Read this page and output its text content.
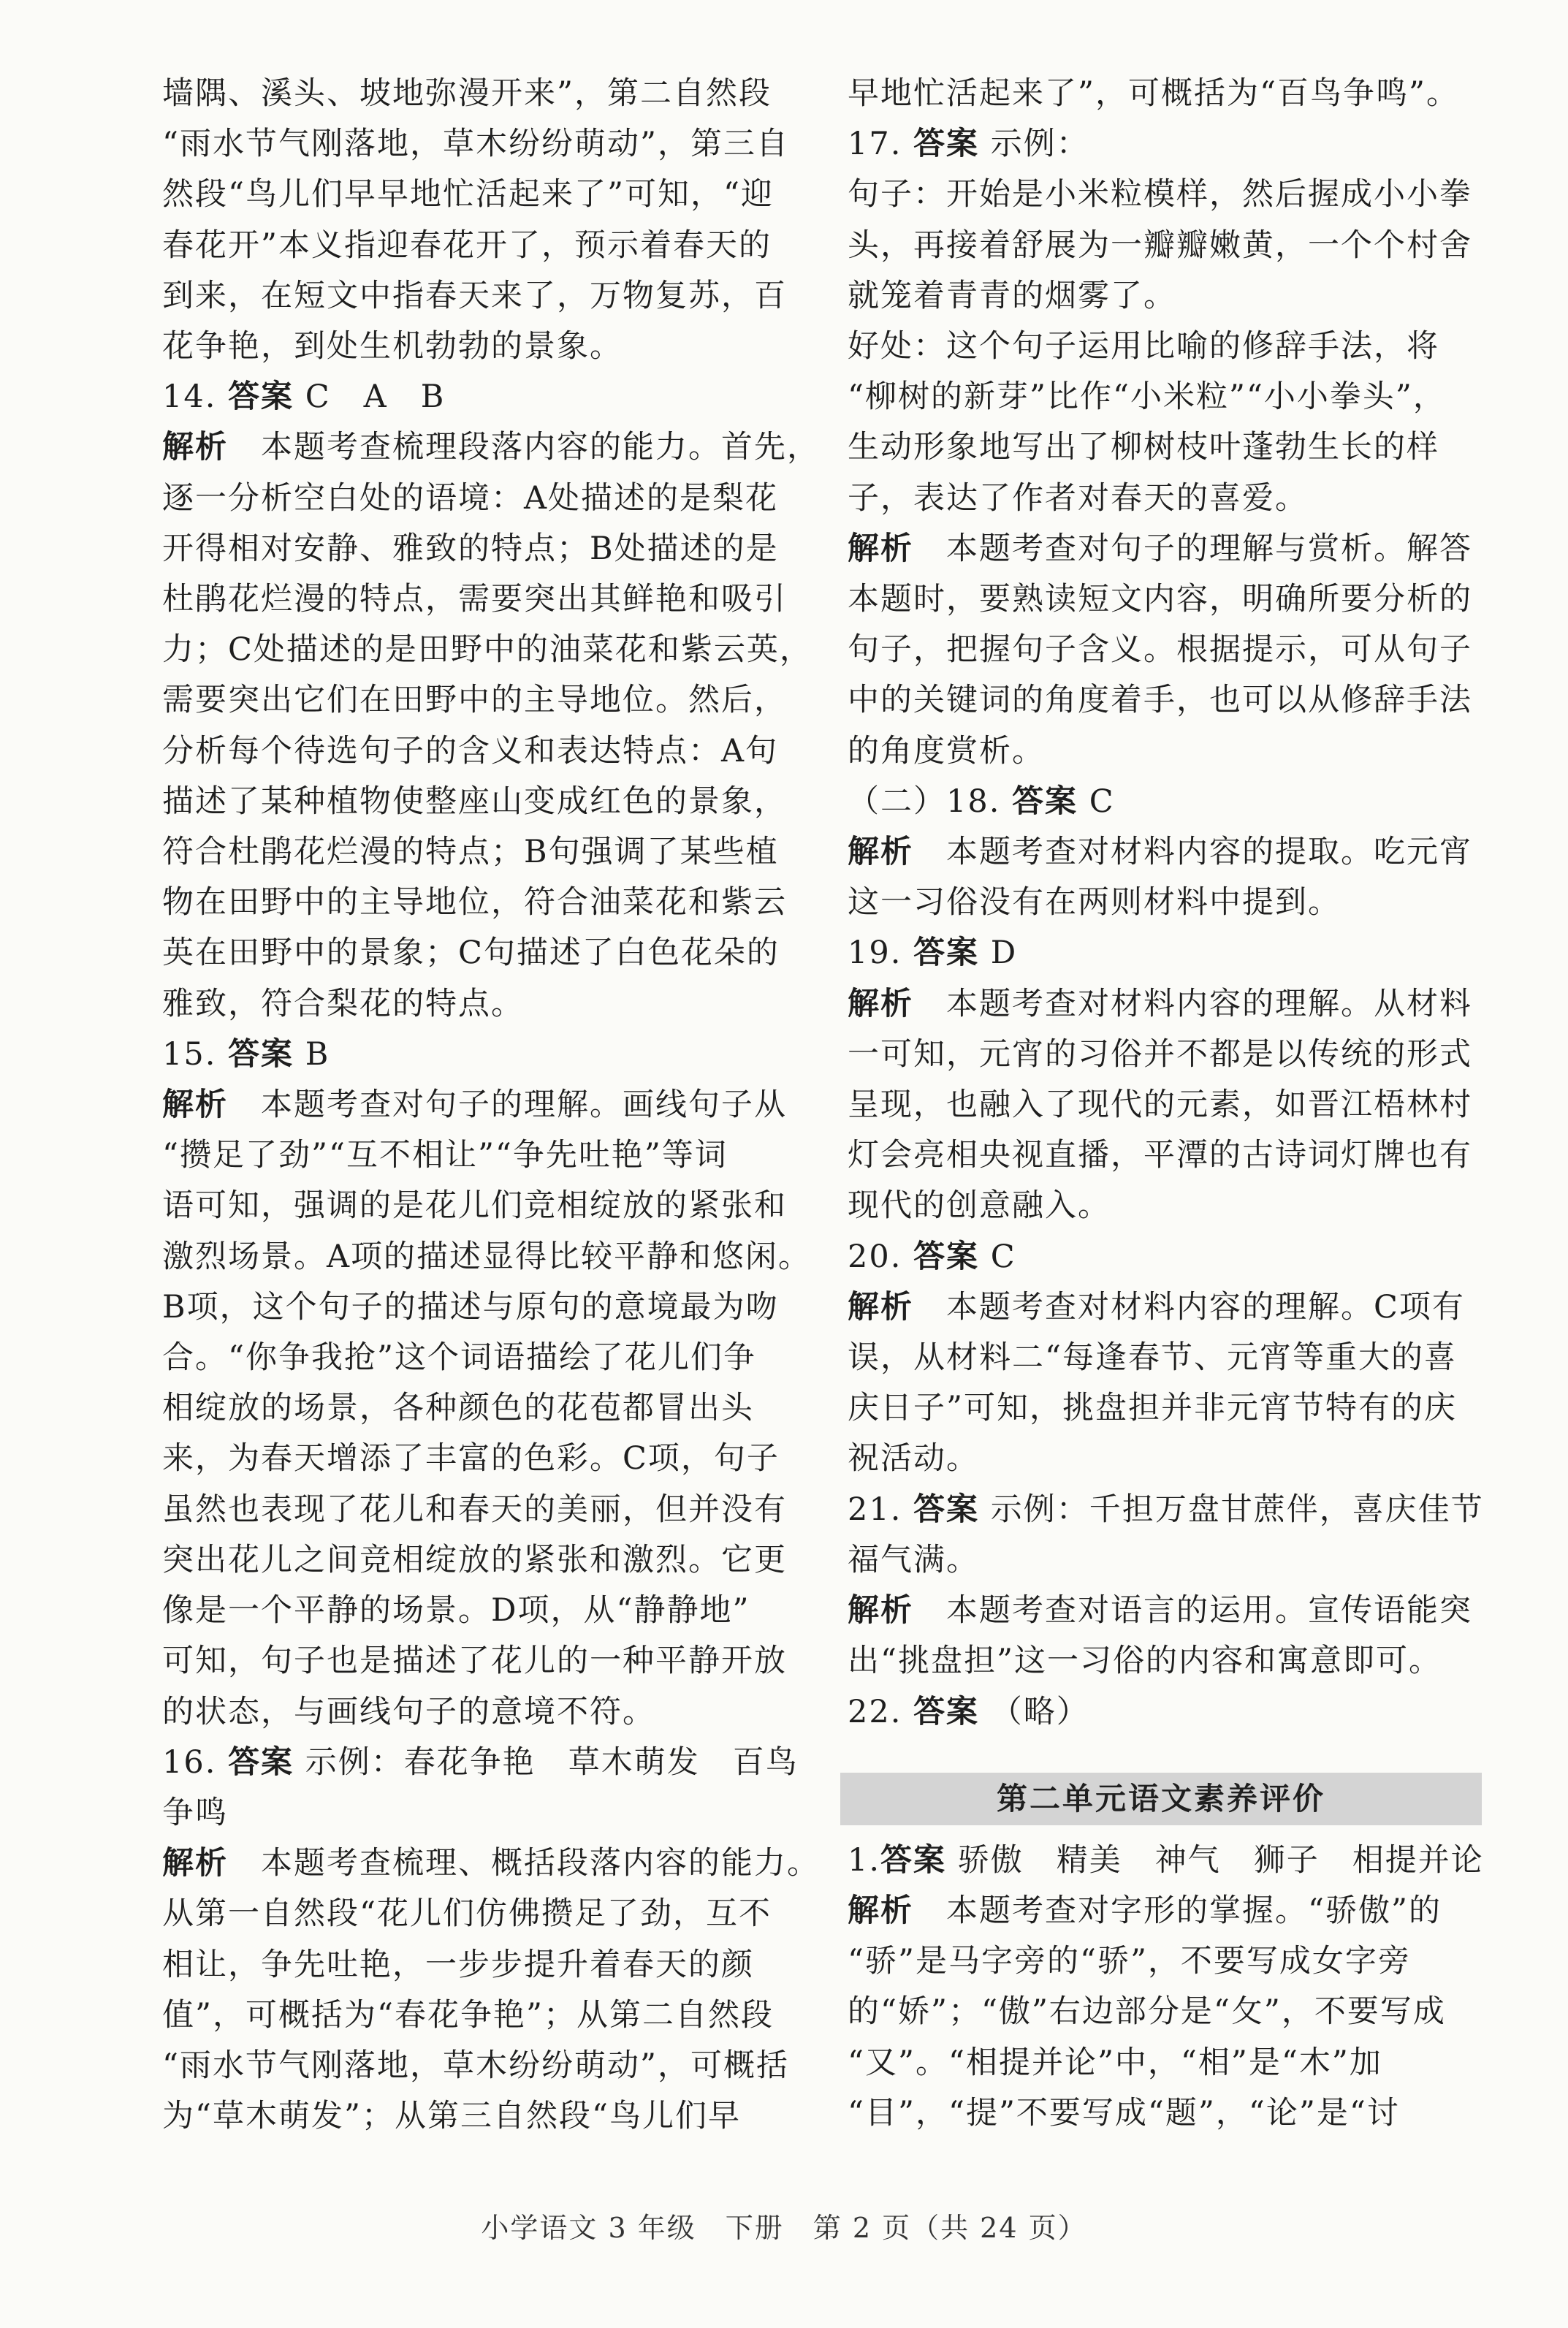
墙隅、溪头、坡地弥漫开来”，第二自然段
“雨水节气刚落地，草木纷纷萌动”，第三自
然段“鸟儿们早早地忙活起来了”可知，“迎
春花开”本义指迎春花开了，预示着春天的
到来，在短文中指春天来了，万物复苏，百
花争艳，到处生机勃勃的景象。
14. 答案 C　A　B
解析　 本题考查梳理段落内容的能力。首先，
逐一分析空白处的语境：A处描述的是梨花
开得相对安静、雅致的特点；B处描述的是
杜鹃花烂漫的特点，需要突出其鲜艳和吸引
力；C处描述的是田野中的油菜花和紫云英，
需要突出它们在田野中的主导地位。然后，
分析每个待选句子的含义和表达特点：A句
描述了某种植物使整座山变成红色的景象，
符合杜鹃花烂漫的特点；B句强调了某些植
物在田野中的主导地位，符合油菜花和紫云
英在田野中的景象；C句描述了白色花朵的
雅致，符合梨花的特点。
15. 答案 B
解析　 本题考查对句子的理解。画线句子从
“攒足了劲”“互不相让”“争先吐艳”等词
语可知，强调的是花儿们竞相绽放的紧张和
激烈场景。A项的描述显得比较平静和悠闲。
B项，这个句子的描述与原句的意境最为吻
合。“你争我抢”这个词语描绘了花儿们争
相绽放的场景，各种颜色的花苞都冒出头
来，为春天增添了丰富的色彩。C项，句子
虽然也表现了花儿和春天的美丽，但并没有
突出花儿之间竞相绽放的紧张和激烈。它更
像是一个平静的场景。D项，从“静静地”
可知，句子也是描述了花儿的一种平静开放
的状态，与画线句子的意境不符。
16. 答案 示例：春花争艳　草木萌发　百鸟
争鸣
解析　 本题考查梳理、概括段落内容的能力。
从第一自然段“花儿们仿佛攒足了劲，互不
相让，争先吐艳，一步步提升着春天的颜
值”，可概括为“春花争艳”；从第二自然段
“雨水节气刚落地，草木纷纷萌动”，可概括
为“草木萌发”；从第三自然段“鸟儿们早
早地忙活起来了”，可概括为“百鸟争鸣”。
17. 答案 示例：
句子：开始是小米粒模样，然后握成小小拳
头，再接着舒展为一瓣瓣嫩黄，一个个村舍
就笼着青青的烟雾了。
好处：这个句子运用比喻的修辞手法，将
“柳树的新芽”比作“小米粒”“小小拳头”，
生动形象地写出了柳树枝叶蓬勃生长的样
子，表达了作者对春天的喜爱。
解析　 本题考查对句子的理解与赏析。解答
本题时，要熟读短文内容，明确所要分析的
句子，把握句子含义。根据提示，可从句子
中的关键词的角度着手，也可以从修辞手法
的角度赏析。
（二）18. 答案 C
解析　 本题考查对材料内容的提取。吃元宵
这一习俗没有在两则材料中提到。
19. 答案 D
解析　 本题考查对材料内容的理解。从材料
一可知，元宵的习俗并不都是以传统的形式
呈现，也融入了现代的元素，如晋江梧林村
灯会亮相央视直播，平潭的古诗词灯牌也有
现代的创意融入。
20. 答案 C
解析　 本题考查对材料内容的理解。C项有
误，从材料二“每逢春节、元宵等重大的喜
庆日子”可知，挑盘担并非元宵节特有的庆
祝活动。
21. 答案 示例：千担万盘甘蔗伴，喜庆佳节
福气满。
解析　 本题考查对语言的运用。宣传语能突
出“挑盘担”这一习俗的内容和寓意即可。
22. 答案 （略）
第二单元语文素养评价
1.答案 骄傲　精美　神气　狮子　相提并论
解析　 本题考查对字形的掌握。“骄傲”的
“骄”是马字旁的“骄”，不要写成女字旁
的“娇”；“傲”右边部分是“攵”，不要写成
“又”。“相提并论”中，“相”是“木”加
“目”，“提”不要写成“题”，“论”是“讨
小学语文 3 年级　下册　第 2 页（共 24 页）
